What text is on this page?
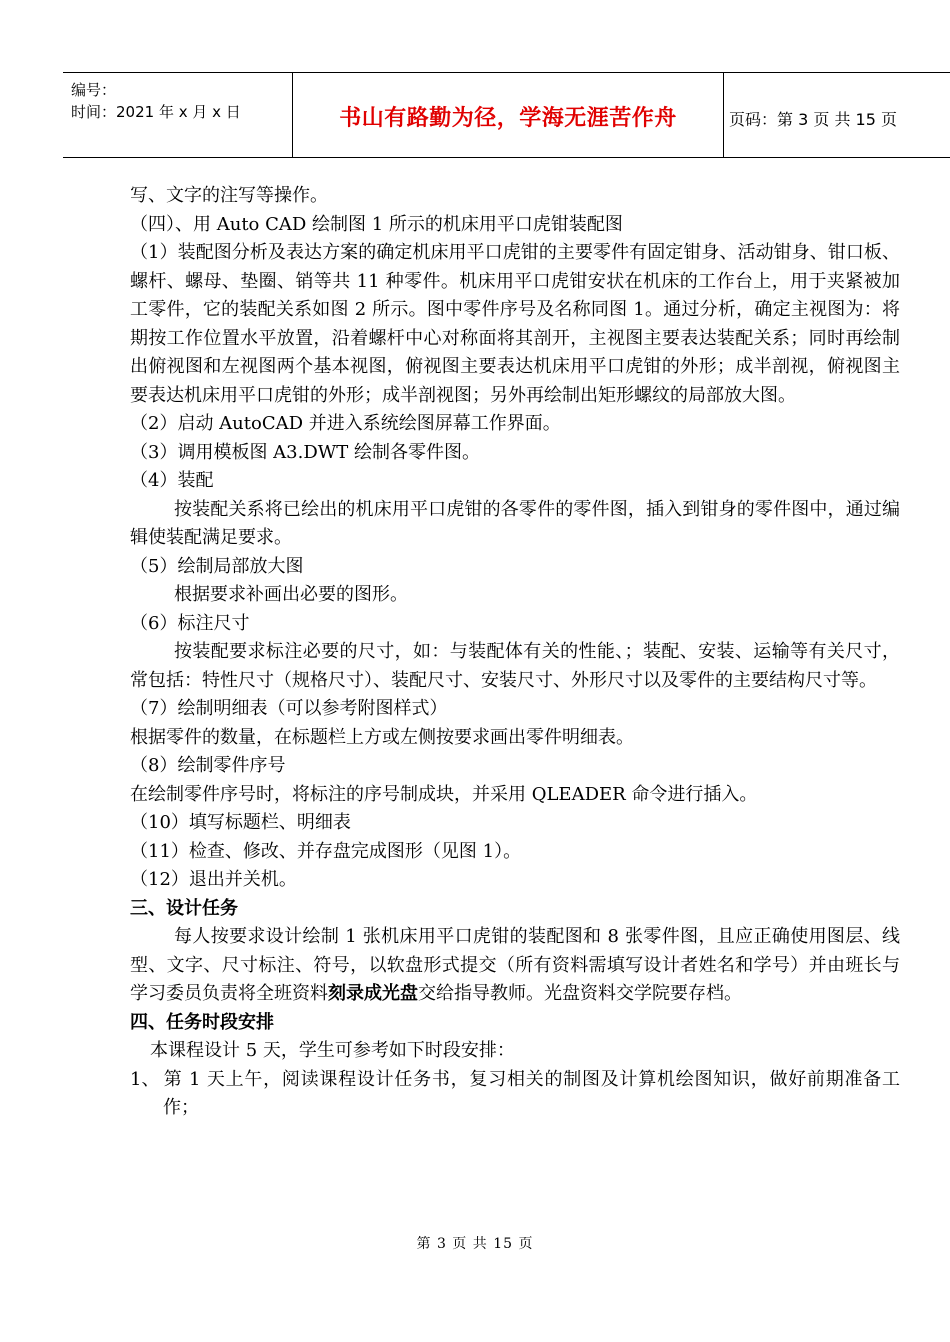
编号：
时间：2021 年 x 月 x 日	书山有路勤为径，学海无涯苦作舟	页码：第 3 页 共 15 页

写、文字的注写等操作。

（四）、用 Auto CAD 绘制图 1 所示的机床用平口虎钳装配图

（1）装配图分析及表达方案的确定机床用平口虎钳的主要零件有固定钳身、活动钳身、钳口板、螺杆、螺母、垫圈、销等共 11 种零件。机床用平口虎钳安状在机床的工作台上，用于夹紧被加工零件，它的装配关系如图 2 所示。图中零件序号及名称同图 1。通过分析，确定主视图为：将期按工作位置水平放置，沿着螺杆中心对称面将其剖开，主视图主要表达装配关系；同时再绘制出俯视图和左视图两个基本视图，俯视图主要表达机床用平口虎钳的外形；成半剖视，俯视图主要表达机床用平口虎钳的外形；成半剖视图；另外再绘制出矩形螺纹的局部放大图。

（2）启动 AutoCAD 并进入系统绘图屏幕工作界面。

（3）调用模板图 A3.DWT 绘制各零件图。

（4）装配

按装配关系将已绘出的机床用平口虎钳的各零件的零件图，插入到钳身的零件图中，通过编辑使装配满足要求。

（5）绘制局部放大图

根据要求补画出必要的图形。

（6）标注尺寸

按装配要求标注必要的尺寸，如：与装配体有关的性能、；装配、安装、运输等有关尺寸，常包括：特性尺寸（规格尺寸）、装配尺寸、安装尺寸、外形尺寸以及零件的主要结构尺寸等。

（7）绘制明细表（可以参考附图样式）

根据零件的数量，在标题栏上方或左侧按要求画出零件明细表。

（8）绘制零件序号

在绘制零件序号时，将标注的序号制成块，并采用 QLEADER 命令进行插入。

（10）填写标题栏、明细表

（11）检查、修改、并存盘完成图形（见图 1）。

（12）退出并关机。

三、设计任务

每人按要求设计绘制 1 张机床用平口虎钳的装配图和 8 张零件图，且应正确使用图层、线型、文字、尺寸标注、符号，以软盘形式提交（所有资料需填写设计者姓名和学号）并由班长与学习委员负责将全班资料刻录成光盘交给指导教师。光盘资料交学院要存档。

四、任务时段安排

本课程设计 5 天，学生可参考如下时段安排：

1、 第 1 天上午，阅读课程设计任务书，复习相关的制图及计算机绘图知识，做好前期准备工作；

第 3 页 共 15 页
